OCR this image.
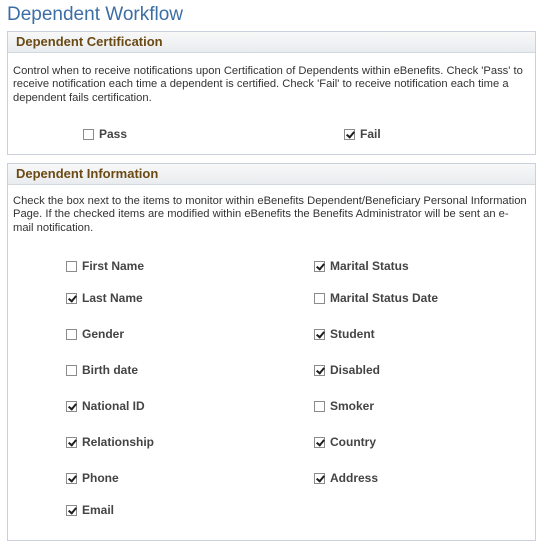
Dependent Workflow
Dependent Certification
Control when to receive notifications upon Certification of Dependents within eBenefits. Check 'Pass' to receive notification each time a dependent is certified. Check 'Fail' to receive notification each time a dependent fails certification.
Pass	Fail
Dependent Information
Check the box next to the items to monitor within eBenefits Dependent/Beneficiary Personal Information Page. If the checked items are modified within eBenefits the Benefits Administrator will be sent an e-mail notification.
First Name	Marital Status
Last Name	Marital Status Date
Gender	Student
Birth date	Disabled
National ID	Smoker
Relationship	Country
Phone	Address
Email
